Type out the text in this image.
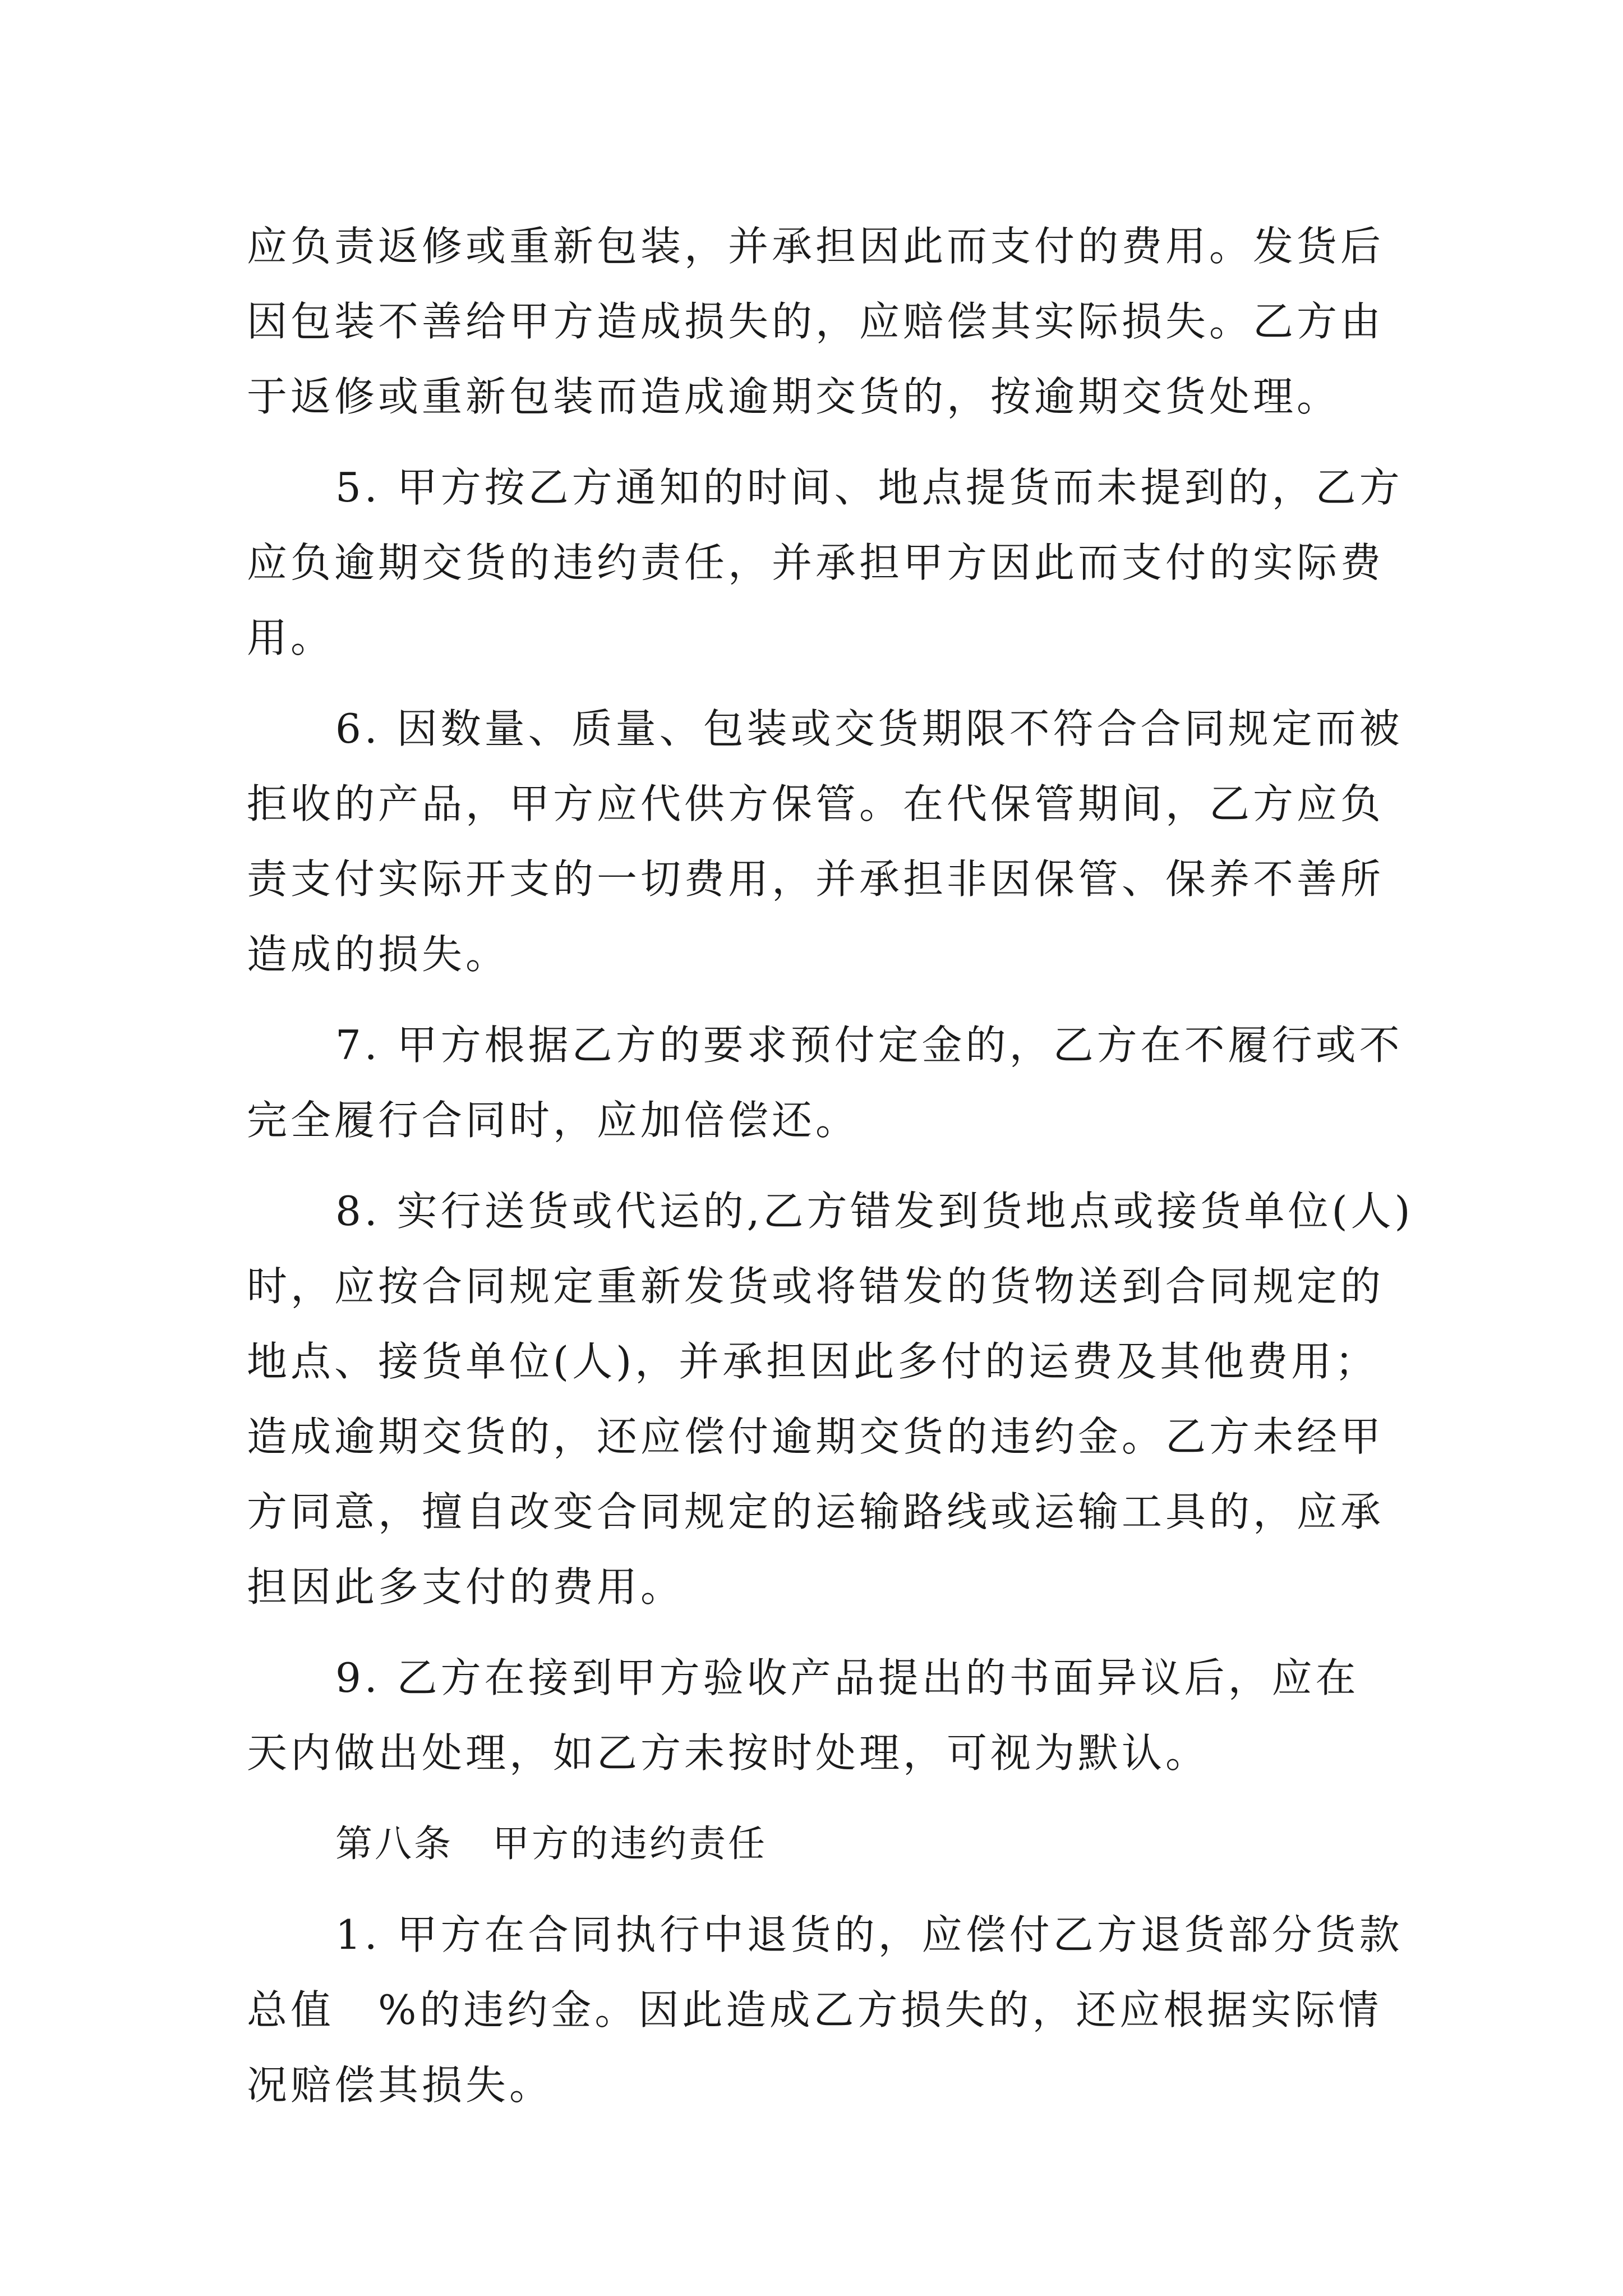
应负责返修或重新包装，并承担因此而支付的费用。发货后
因包装不善给甲方造成损失的，应赔偿其实际损失。乙方由
于返修或重新包装而造成逾期交货的，按逾期交货处理。
5. 甲方按乙方通知的时间、地点提货而未提到的，乙方
应负逾期交货的违约责任，并承担甲方因此而支付的实际费
用。
6. 因数量、质量、包装或交货期限不符合合同规定而被
拒收的产品，甲方应代供方保管。在代保管期间，乙方应负
责支付实际开支的一切费用，并承担非因保管、保养不善所
造成的损失。
7. 甲方根据乙方的要求预付定金的，乙方在不履行或不
完全履行合同时，应加倍偿还。
8. 实行送货或代运的,乙方错发到货地点或接货单位(人)
时，应按合同规定重新发货或将错发的货物送到合同规定的
地点、接货单位(人)，并承担因此多付的运费及其他费用；
造成逾期交货的，还应偿付逾期交货的违约金。乙方未经甲
方同意，擅自改变合同规定的运输路线或运输工具的，应承
担因此多支付的费用。
9. 乙方在接到甲方验收产品提出的书面异议后，应在
天内做出处理，如乙方未按时处理，可视为默认。
第八条　甲方的违约责任
1. 甲方在合同执行中退货的，应偿付乙方退货部分货款
总值　%的违约金。因此造成乙方损失的，还应根据实际情
况赔偿其损失。
